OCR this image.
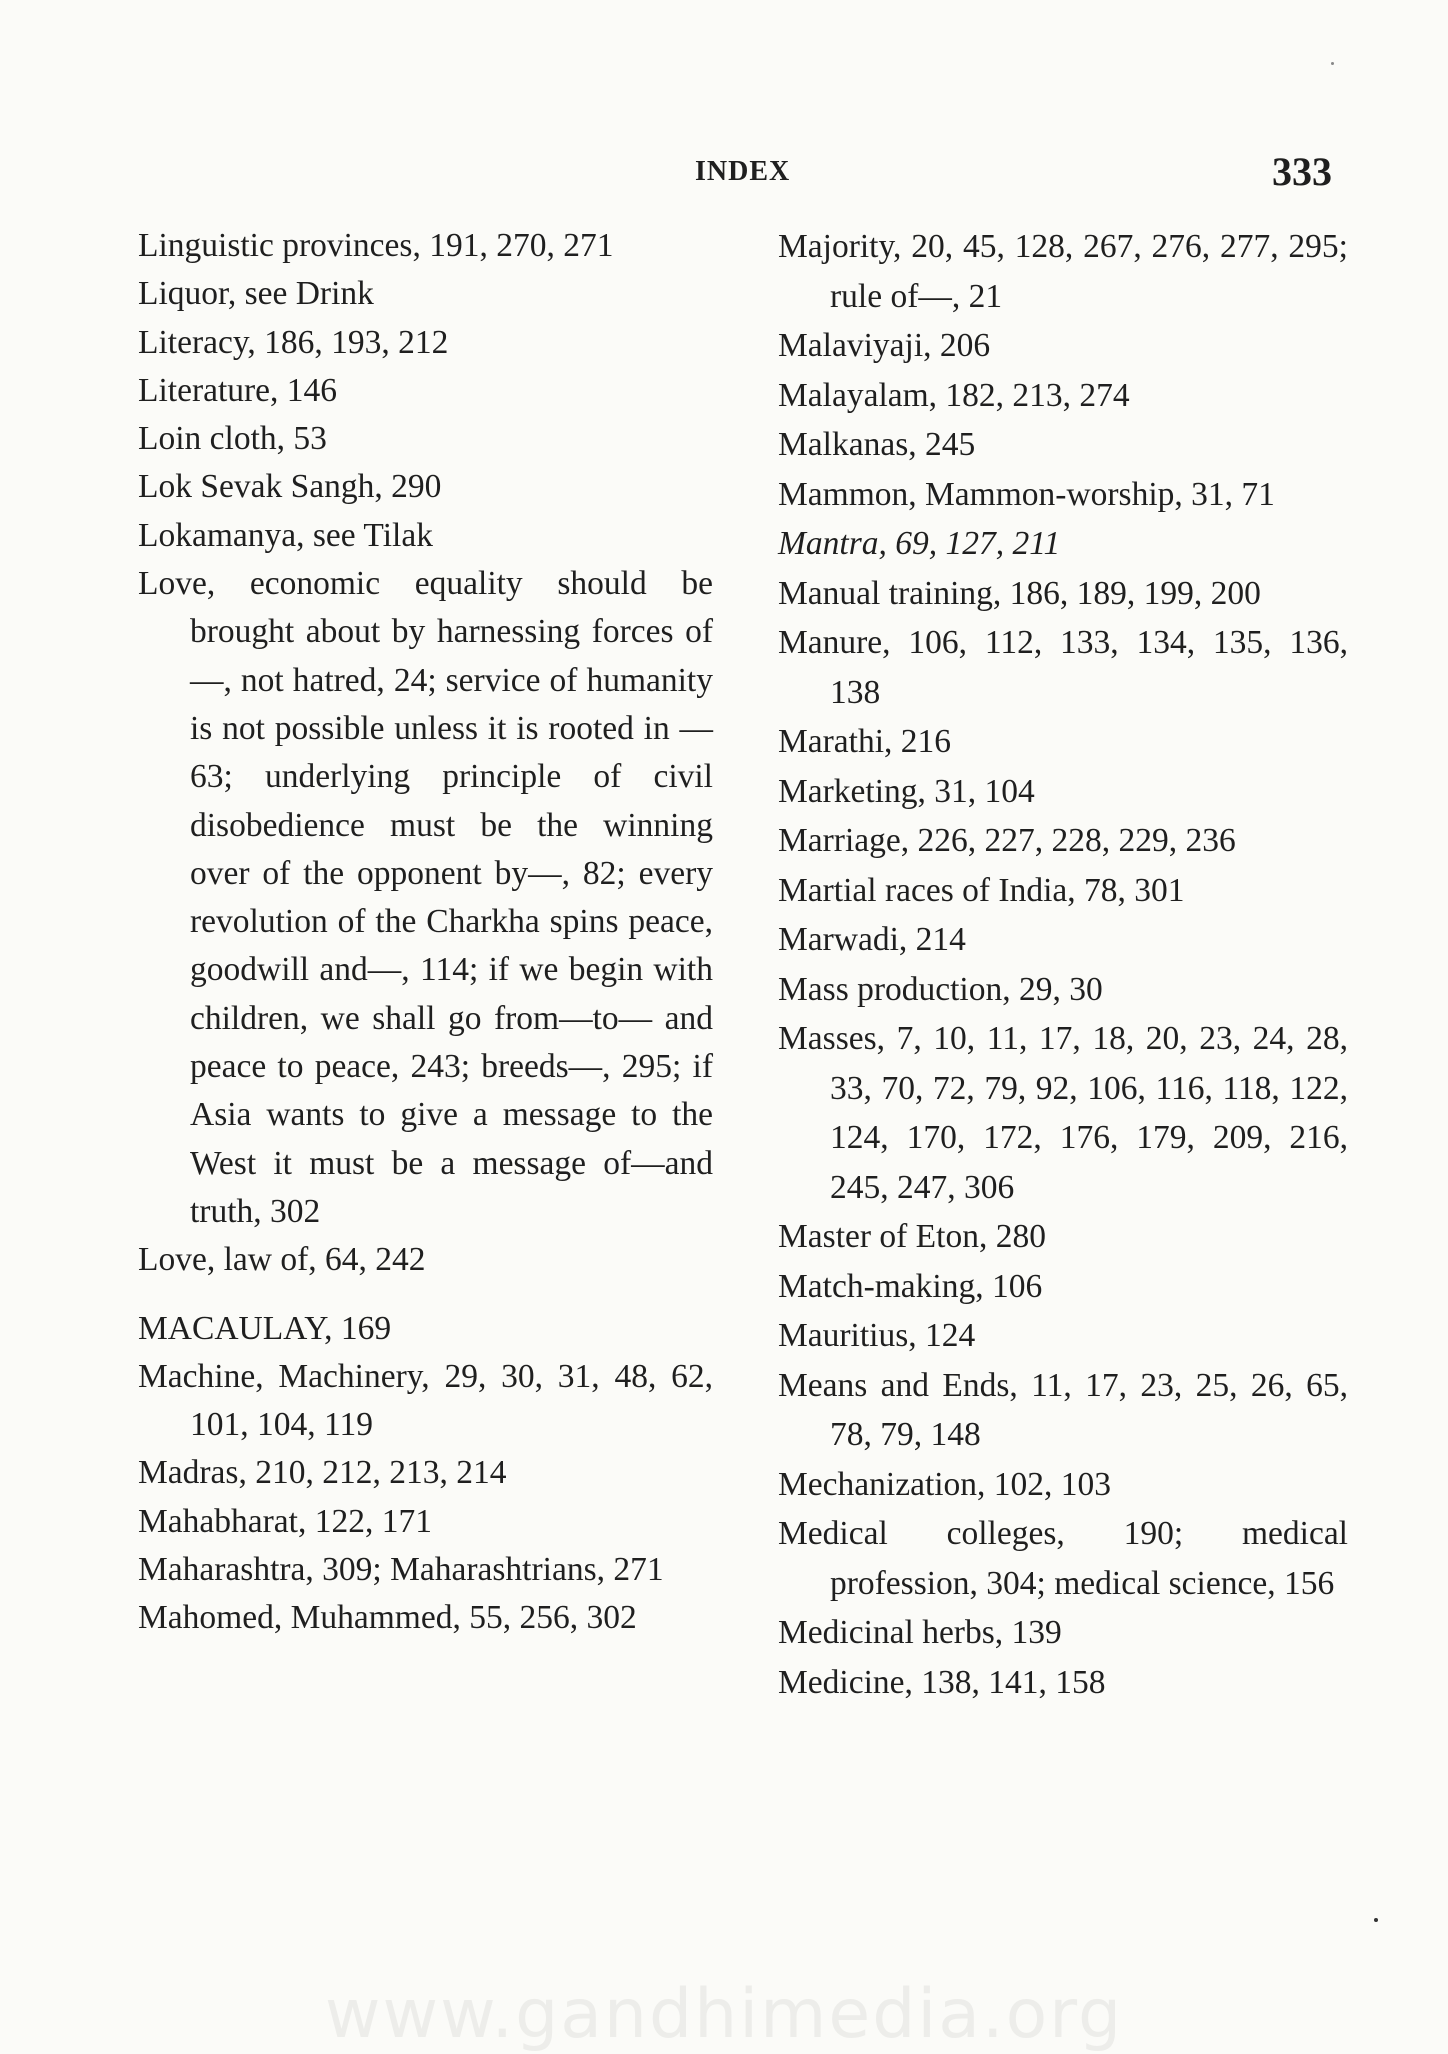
INDEX	333
Linguistic provinces, 191, 270, 271
Liquor, see Drink
Literacy, 186, 193, 212
Literature, 146
Loin cloth, 53
Lok Sevak Sangh, 290
Lokamanya, see Tilak
Love, economic equality should be brought about by harnessing forces of—, not hatred, 24; service of humanity is not possible unless it is rooted in —63; underlying principle of civil disobedience must be the winning over of the opponent by—, 82; every revolution of the Charkha spins peace, goodwill and—, 114; if we begin with children, we shall go from—to— and peace to peace, 243; breeds—, 295; if Asia wants to give a message to the West it must be a message of—and truth, 302
Love, law of, 64, 242
MACAULAY, 169
Machine, Machinery, 29, 30, 31, 48, 62, 101, 104, 119
Madras, 210, 212, 213, 214
Mahabharat, 122, 171
Maharashtra, 309; Maharashtrians, 271
Mahomed, Muhammed, 55, 256, 302
Majority, 20, 45, 128, 267, 276, 277, 295; rule of—, 21
Malaviyaji, 206
Malayalam, 182, 213, 274
Malkanas, 245
Mammon, Mammon-worship, 31, 71
Mantra, 69, 127, 211
Manual training, 186, 189, 199, 200
Manure, 106, 112, 133, 134, 135, 136, 138
Marathi, 216
Marketing, 31, 104
Marriage, 226, 227, 228, 229, 236
Martial races of India, 78, 301
Marwadi, 214
Mass production, 29, 30
Masses, 7, 10, 11, 17, 18, 20, 23, 24, 28, 33, 70, 72, 79, 92, 106, 116, 118, 122, 124, 170, 172, 176, 179, 209, 216, 245, 247, 306
Master of Eton, 280
Match-making, 106
Mauritius, 124
Means and Ends, 11, 17, 23, 25, 26, 65, 78, 79, 148
Mechanization, 102, 103
Medical colleges, 190; medical profession, 304; medical science, 156
Medicinal herbs, 139
Medicine, 138, 141, 158
www.gandhimedia.org
